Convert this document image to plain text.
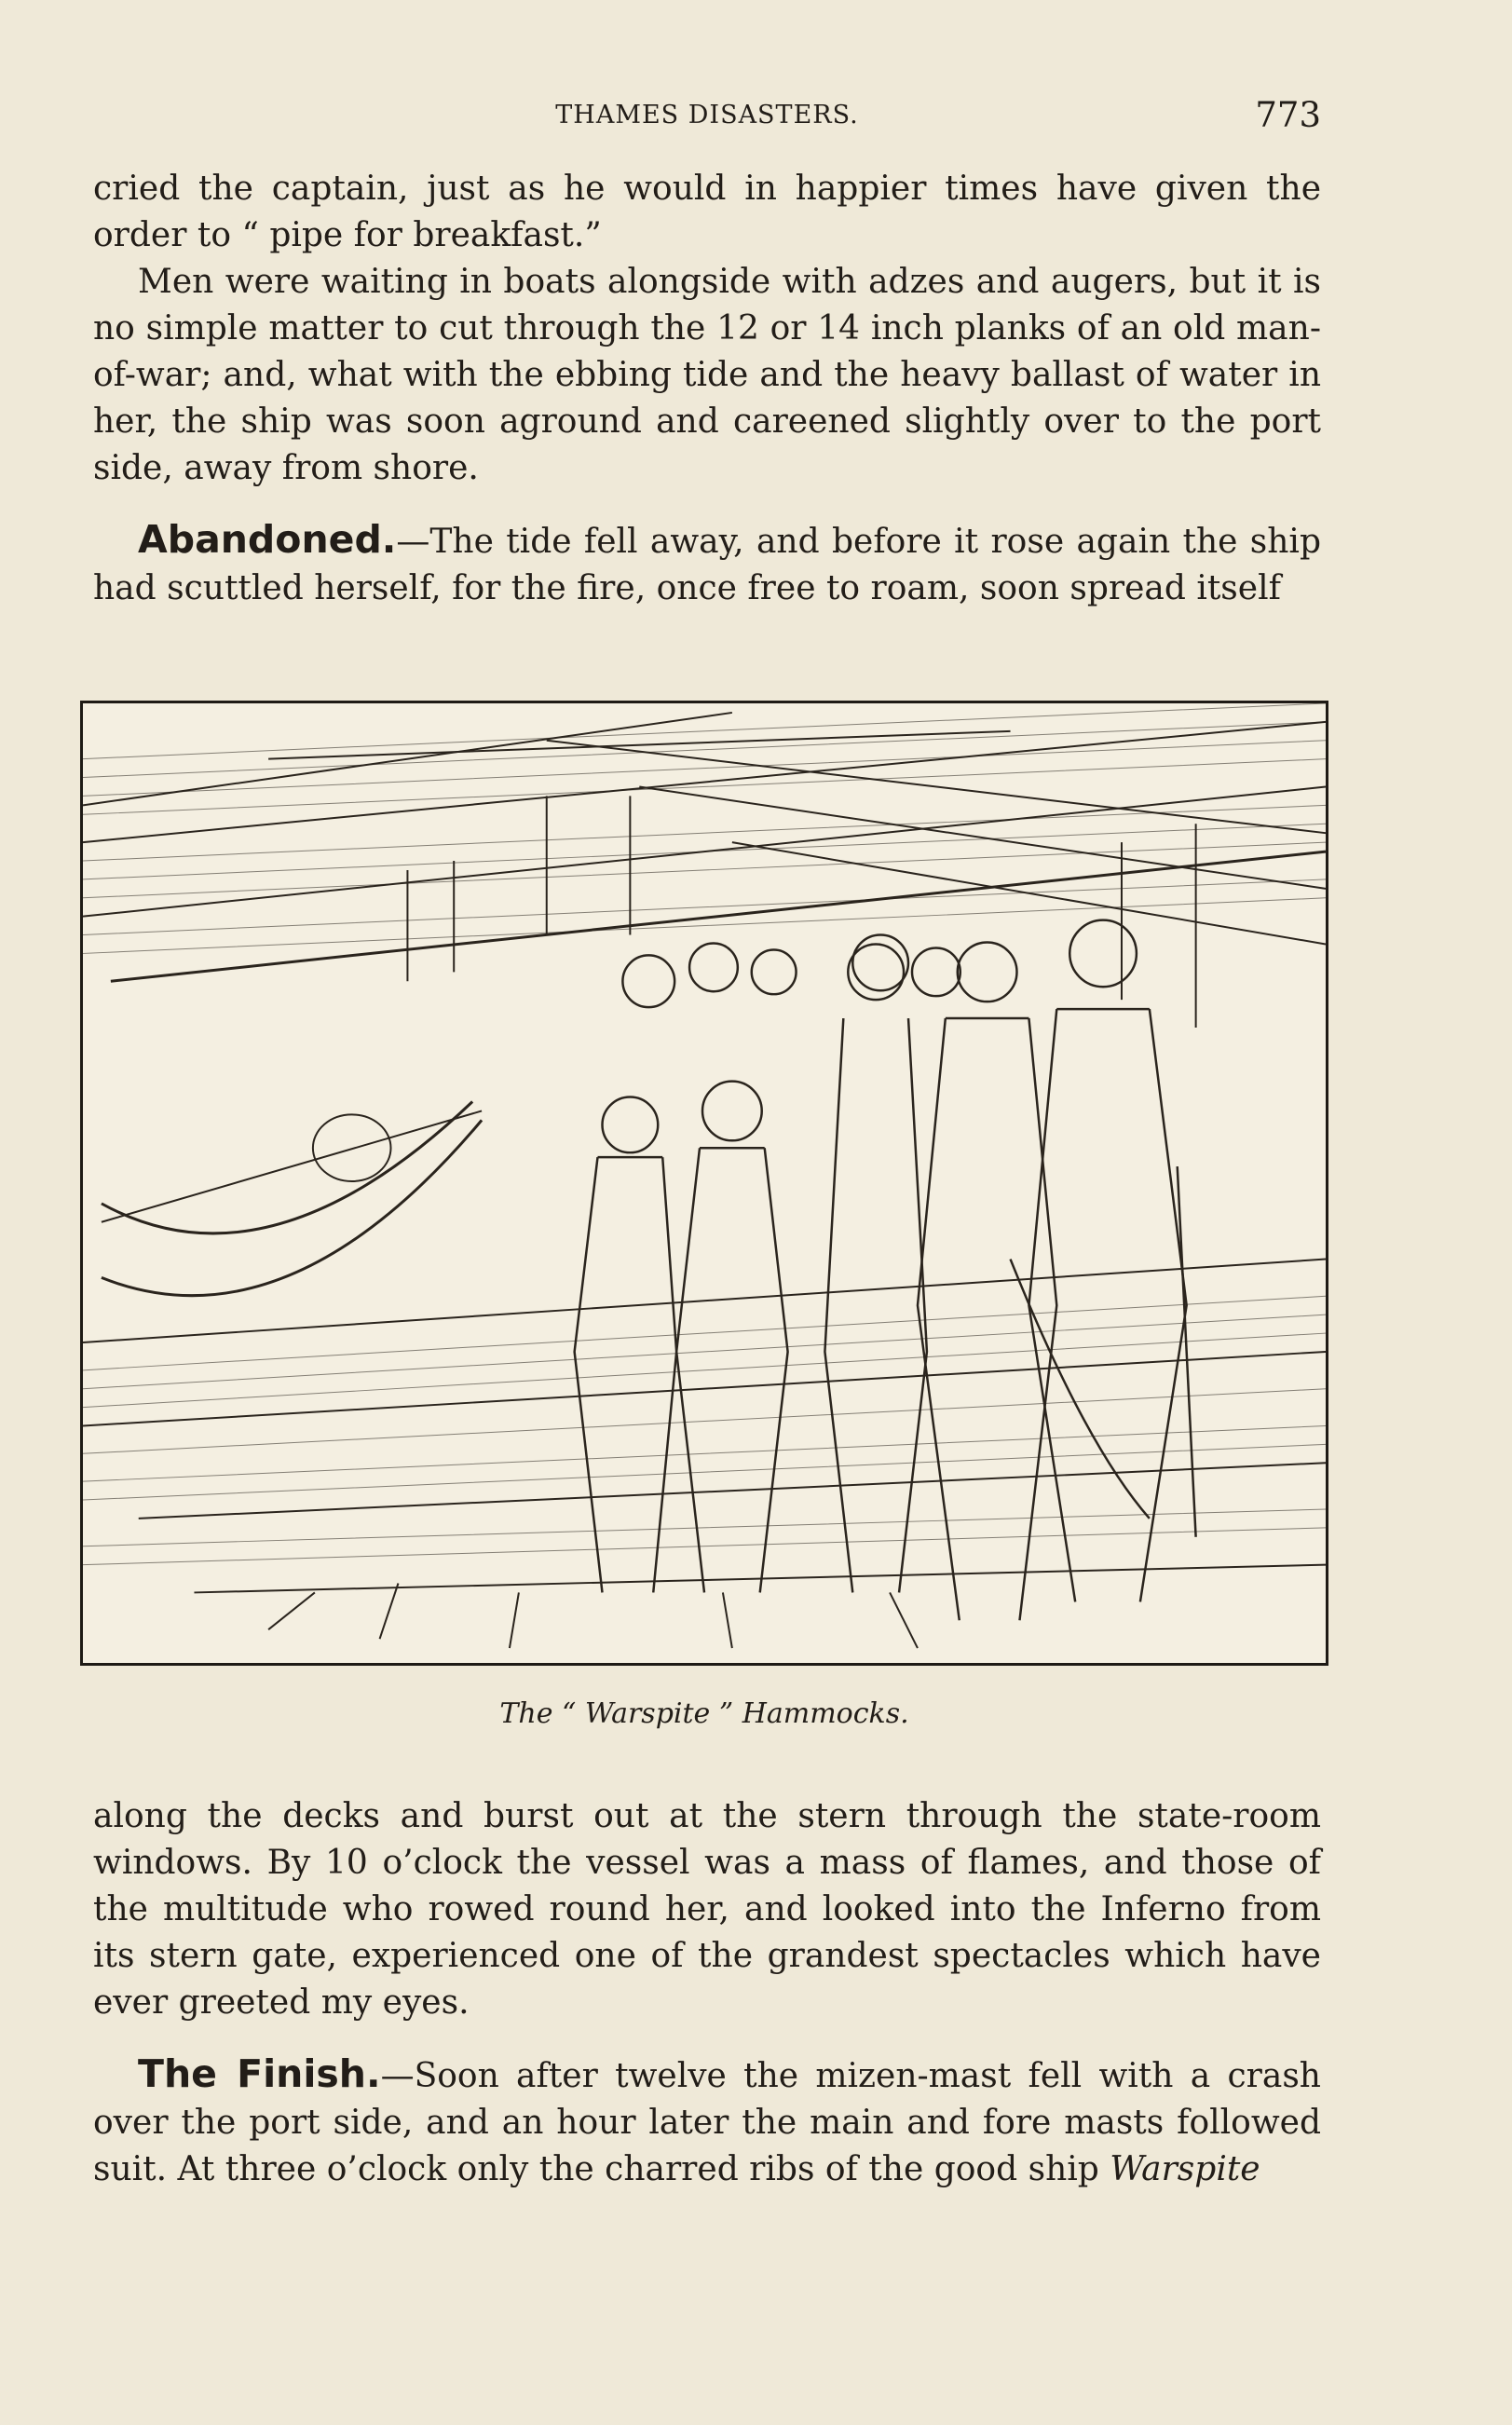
THAMES DISASTERS.	773

cried the captain, just as he would in happier times have given the order to “ pipe for breakfast.”

Men were waiting in boats alongside with adzes and augers, but it is no simple matter to cut through the 12 or 14 inch planks of an old man-of-war; and, what with the ebbing tide and the heavy ballast of water in her, the ship was soon aground and careened slightly over to the port side, away from shore.

Abandoned.—The tide fell away, and before it rose again the ship had scuttled herself, for the fire, once free to roam, soon spread itself

The “ Warspite ” Hammocks.

along the decks and burst out at the stern through the state-room windows. By 10 o’clock the vessel was a mass of flames, and those of the multitude who rowed round her, and looked into the Inferno from its stern gate, experienced one of the grandest spectacles which have ever greeted my eyes.

The Finish.—Soon after twelve the mizen-mast fell with a crash over the port side, and an hour later the main and fore masts followed suit. At three o’clock only the charred ribs of the good ship Warspite
